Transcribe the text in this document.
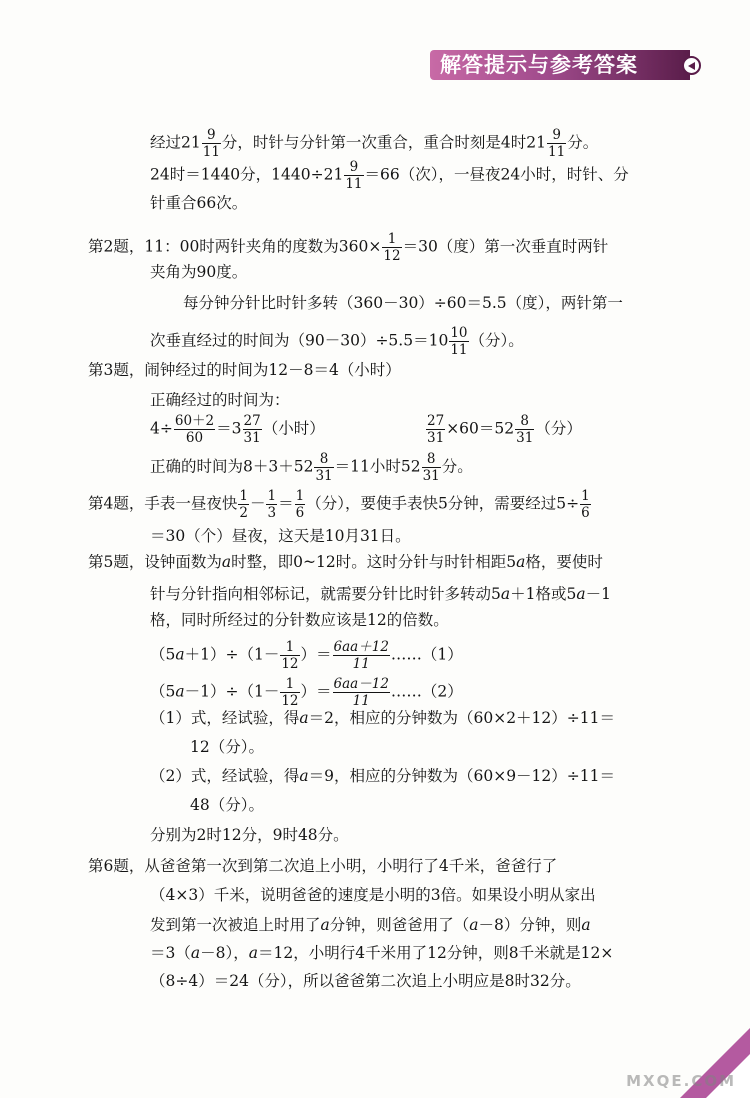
解答提示与参考答案
经过$21 \frac{9}{11}$ 分，时针与分针第一次重合，重合时刻是4时$21 \frac{9}{11}$ 分。
24时＝1440分，$1440\div 21 \frac{9}{11} =66$（次），一昼夜24小时，时针、分
针重合66次。
第2题，11：00时两针夹角的度数为$360\times \frac{1}{12} =30$（度）第一次垂直时两针
夹角为90度。
每分钟分针比时针多转（360－30）÷60＝5.5（度），两针第一
次垂直经过的时间为$(90-30)\div 5.5=10 \frac{10}{11}$ （分）。
第3题，闹钟经过的时间为12－8＝4（小时）
正确经过的时间为：
$4\div \frac{60+2}{60} =3 \frac{27}{31}$ （小时）	$\frac{27}{31} \times 60=52 \frac{8}{31}$ （分）
正确的时间为$8+3+52 \frac{8}{31} =11$小时$52 \frac{8}{31}$ 分。
第4题，手表一昼夜快 $\frac{1}{2} - \frac{1}{3} = \frac{1}{6}$ （分），要使手表快5分钟，需要经过$5\div \frac{1}{6}$
＝30（个）昼夜，这天是10月31日。
第5题，设钟面数为a时整，即0~12时。这时分针与时针相距5a格，要使时
针与分针指向相邻标记，就需要分针比时针多转动5a＋1格或5a－1
格，同时所经过的分针数应该是12的倍数。
$(5a+1)\div(1- \frac{1}{12}$ ）＝ $\frac{6aa+12}{11}$ ……（1）
$(5a-1)\div(1- \frac{1}{12}$ ）＝ $\frac{6aa-12}{11}$ ……（2）
（1）式，经试验，得a＝2，相应的分钟数为（60×2＋12）÷11＝
12（分）。
（2）式，经试验，得a＝9，相应的分钟数为（60×9－12）÷11＝
48（分）。
分别为2时12分，9时48分。
第6题，从爸爸第一次到第二次追上小明，小明行了4千米，爸爸行了
（4×3）千米，说明爸爸的速度是小明的3倍。如果设小明从家出
发到第一次被追上时用了a分钟，则爸爸用了（a－8）分钟，则a
＝3（a－8），a＝12，小明行4千米用了12分钟，则8千米就是12×
（8÷4）＝24（分），所以爸爸第二次追上小明应是8时32分。
MXQE.COM
